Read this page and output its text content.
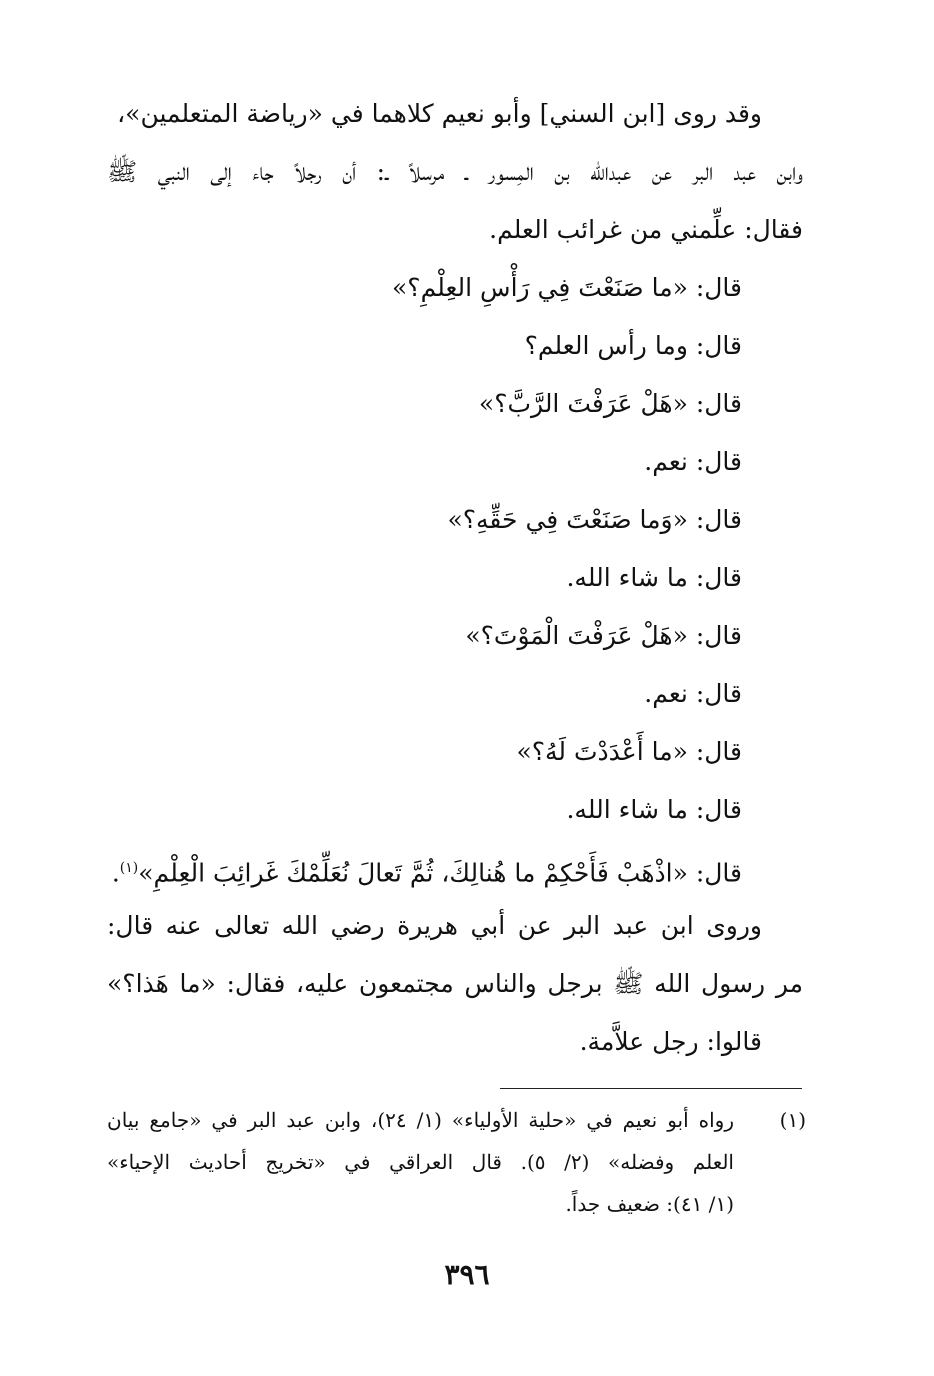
وقد روى [ابن السني] وأبو نعيم كلاهما في «رياضة المتعلمين»،
وابن عبد البر عن عبدالله بن المِسور ـ مرسلاً ـ: أن رجلاً جاء إلى النبي ﷺ
فقال: علِّمني من غرائب العلم.
قال: «ما صَنَعْتَ فِي رَأْسِ العِلْمِ؟»
قال: وما رأس العلم؟
قال: «هَلْ عَرَفْتَ الرَّبَّ؟»
قال: نعم.
قال: «وَما صَنَعْتَ فِي حَقِّهِ؟»
قال: ما شاء الله.
قال: «هَلْ عَرَفْتَ الْمَوْتَ؟»
قال: نعم.
قال: «ما أَعْدَدْتَ لَهُ؟»
قال: ما شاء الله.
قال: «اذْهَبْ فَأَحْكِمْ ما هُنالِكَ، ثُمَّ تَعالَ نُعَلِّمْكَ غَرائِبَ الْعِلْمِ»$^{(١)}$.
وروى ابن عبد البر عن أبي هريرة رضي الله تعالى عنه قال:
مر رسول الله ﷺ برجل والناس مجتمعون عليه، فقال: «ما هَذا؟»
قالوا: رجل علاَّمة.
(١)
رواه أبو نعيم في «حلية الأولياء» (١/ ٢٤)، وابن عبد البر في «جامع بيان
العلم وفضله» (٢/ ٥). قال العراقي في «تخريج أحاديث الإحياء»
(١/ ٤١): ضعيف جداً.
٣٩٦
